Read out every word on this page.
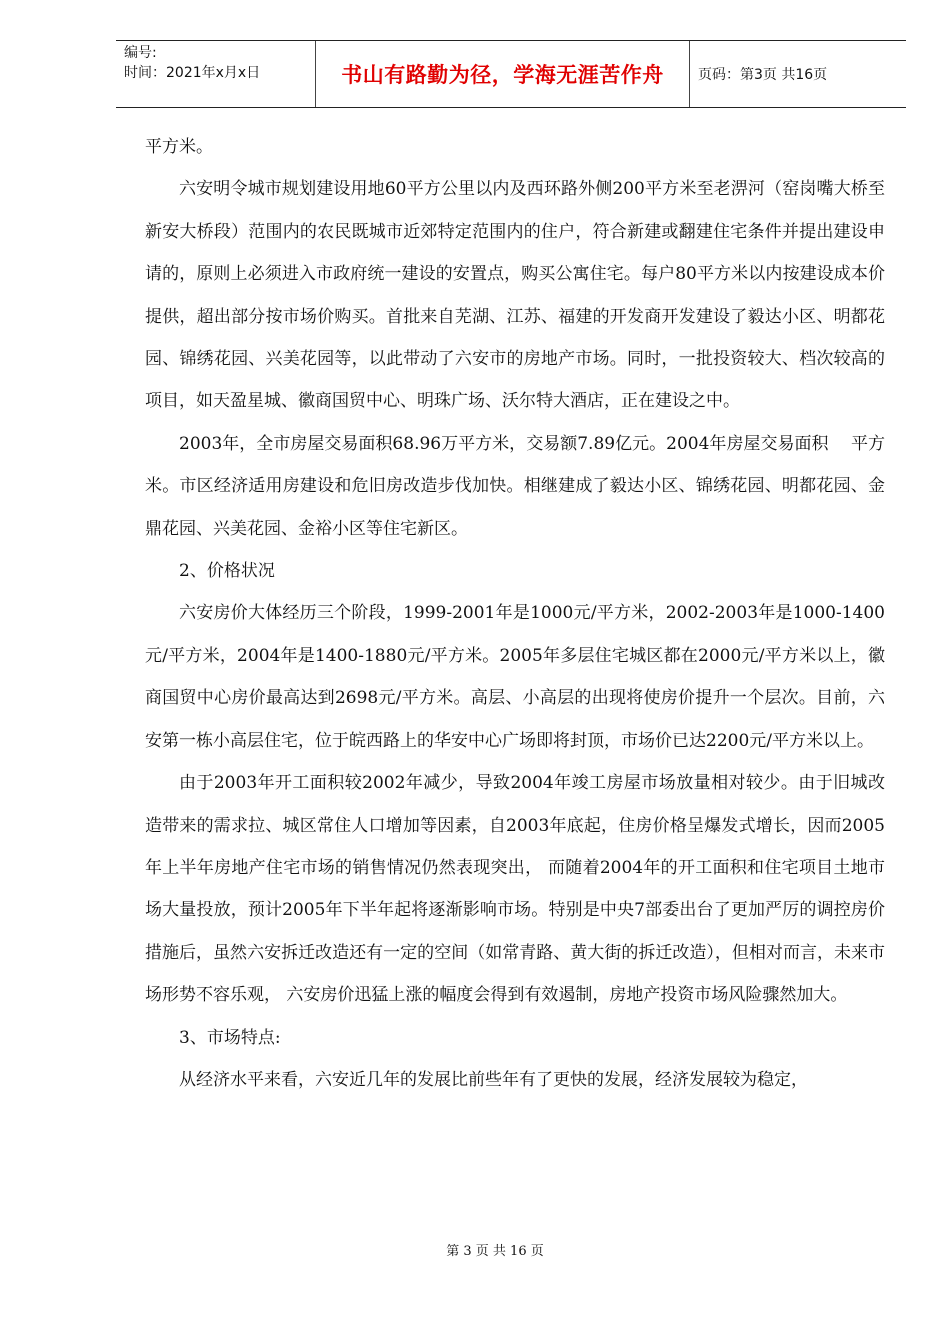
编号:
时间：2021年x月x日	书山有路勤为径，学海无涯苦作舟	页码：第3页 共16页

平方米。

六安明令城市规划建设用地60平方公里以内及西环路外侧200平方米至老淠河（窑岗嘴大桥至新安大桥段）范围内的农民既城市近郊特定范围内的住户，符合新建或翻建住宅条件并提出建设申请的，原则上必须进入市政府统一建设的安置点，购买公寓住宅。每户80平方米以内按建设成本价提供，超出部分按市场价购买。首批来自芜湖、江苏、福建的开发商开发建设了毅达小区、明都花园、锦绣花园、兴美花园等，以此带动了六安市的房地产市场。同时，一批投资较大、档次较高的项目，如天盈星城、徽商国贸中心、明珠广场、沃尔特大酒店，正在建设之中。

2003年，全市房屋交易面积68.96万平方米，交易额7.89亿元。2004年房屋交易面积　 平方米。市区经济适用房建设和危旧房改造步伐加快。相继建成了毅达小区、锦绣花园、明都花园、金鼎花园、兴美花园、金裕小区等住宅新区。

2、价格状况

六安房价大体经历三个阶段，1999-2001年是1000元/平方米，2002-2003年是1000-1400元/平方米，2004年是1400-1880元/平方米。2005年多层住宅城区都在2000元/平方米以上，徽商国贸中心房价最高达到2698元/平方米。高层、小高层的出现将使房价提升一个层次。目前，六安第一栋小高层住宅，位于皖西路上的华安中心广场即将封顶，市场价已达2200元/平方米以上。

由于2003年开工面积较2002年减少，导致2004年竣工房屋市场放量相对较少。由于旧城改造带来的需求拉、城区常住人口增加等因素，自2003年底起，住房价格呈爆发式增长，因而2005年上半年房地产住宅市场的销售情况仍然表现突出， 而随着2004年的开工面积和住宅项目土地市场大量投放，预计2005年下半年起将逐渐影响市场。特别是中央7部委出台了更加严厉的调控房价措施后，虽然六安拆迁改造还有一定的空间（如常青路、黄大街的拆迁改造），但相对而言，未来市场形势不容乐观， 六安房价迅猛上涨的幅度会得到有效遏制，房地产投资市场风险骤然加大。

3、市场特点:

从经济水平来看，六安近几年的发展比前些年有了更快的发展，经济发展较为稳定，

第 3 页 共 16 页
